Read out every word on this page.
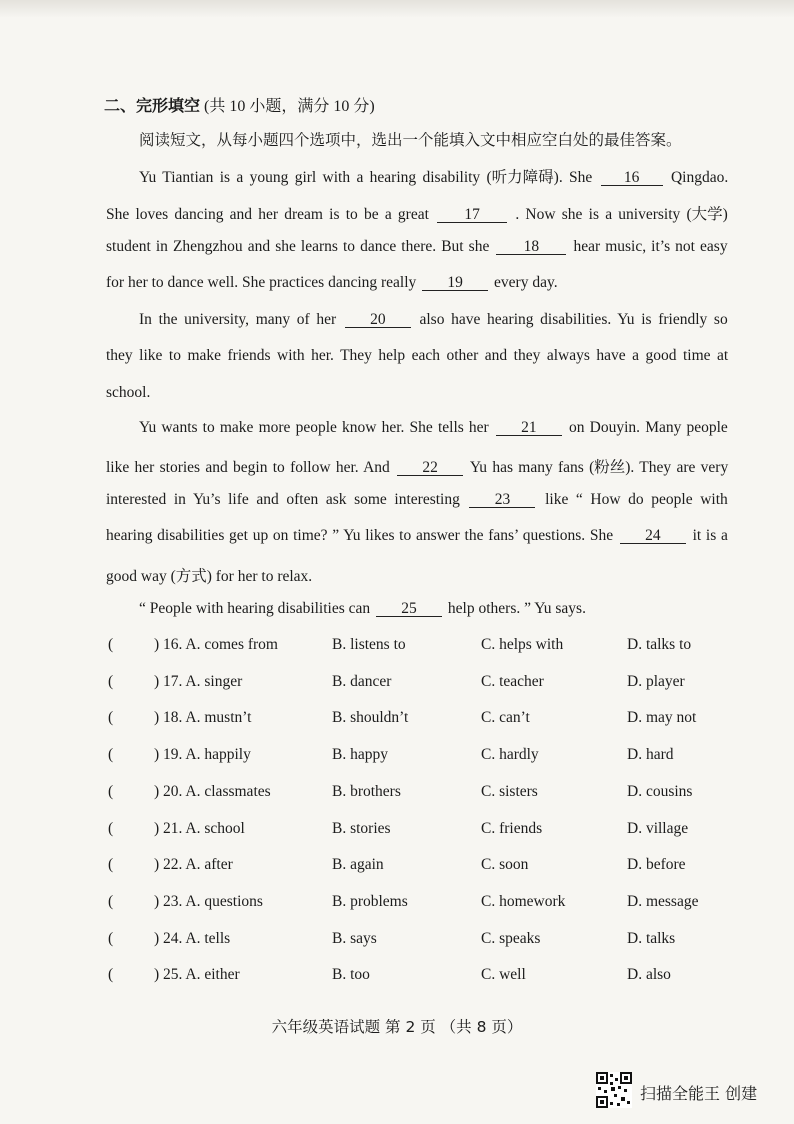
二、完形填空 (共 10 小题，满分 10 分)
阅读短文，从每小题四个选项中，选出一个能填入文中相应空白处的最佳答案。
Yu Tiantian is a young girl with a hearing disability (听力障碍). She 16 Qingdao.
She loves dancing and her dream is to be a great 17 . Now she is a university (大学)
student in Zhengzhou and she learns to dance there. But she 18 hear music, it’s not easy
for her to dance well. She practices dancing really 19 every day.
In the university, many of her 20 also have hearing disabilities. Yu is friendly so
they like to make friends with her. They help each other and they always have a good time at
school.
Yu wants to make more people know her. She tells her 21 on Douyin. Many people
like her stories and begin to follow her. And 22 Yu has many fans (粉丝). They are very
interested in Yu’s life and often ask some interesting 23 like “ How do people with
hearing disabilities get up on time? ” Yu likes to answer the fans’ questions. She 24 it is a
good way (方式) for her to relax.
“ People with hearing disabilities can 25 help others. ” Yu says.
(	) 16. A. comes from	B. listens to	C. helps with	D. talks to
(	) 17. A. singer	B. dancer	C. teacher	D. player
(	) 18. A. mustn’t	B. shouldn’t	C. can’t	D. may not
(	) 19. A. happily	B. happy	C. hardly	D. hard
(	) 20. A. classmates	B. brothers	C. sisters	D. cousins
(	) 21. A. school	B. stories	C. friends	D. village
(	) 22. A. after	B. again	C. soon	D. before
(	) 23. A. questions	B. problems	C. homework	D. message
(	) 24. A. tells	B. says	C. speaks	D. talks
(	) 25. A. either	B. too	C. well	D. also
六年级英语试题 第 2 页 （共 8 页）
扫描全能王 创建
